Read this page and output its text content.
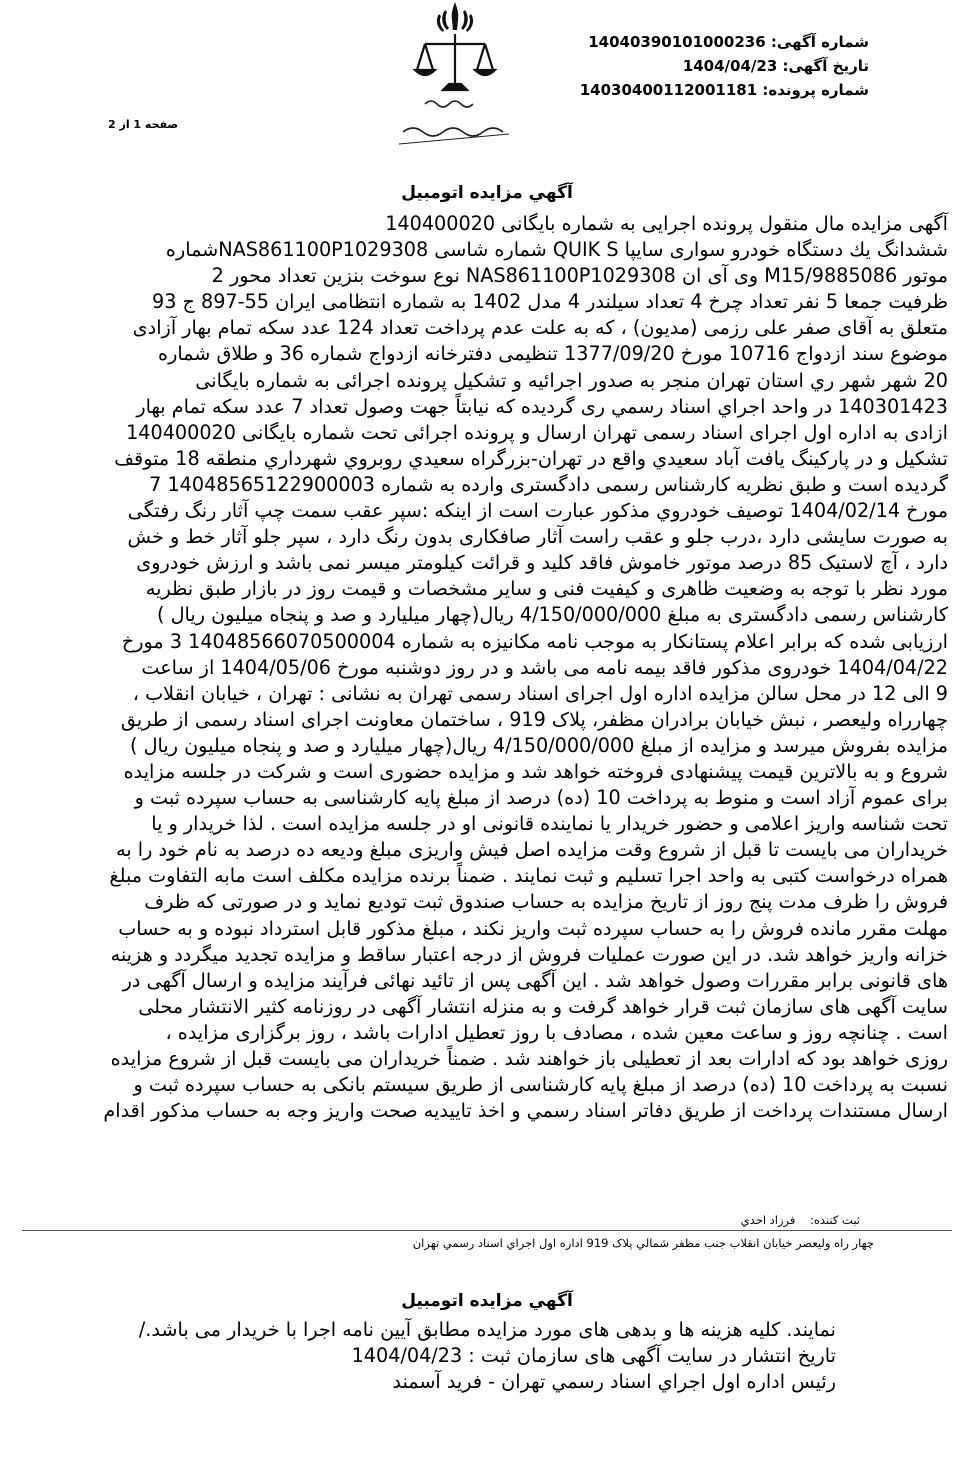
شماره آگهی: 14040390101000236
تاریخ آگهی: 1404/04/23
شماره پرونده: 14030400112001181
صفحه 1 از 2
آگهي مزايده اتومبيل

آگهی مزايده مال منقول پرونده اجرايی به شماره بايگانی 140400020

ششدانگ يك دستگاه خودرو سواری سايپا QUIK S شماره شاسی NAS861100P1029308شماره

موتور M15/9885086 وی آی ان NAS861100P1029308 نوع سوخت بنزين تعداد محور 2

ظرفيت جمعا 5 نفر تعداد چرخ 4 تعداد سيلندر 4 مدل 1402 به شماره انتظامی ايران 55-897 ج 93

متعلق به آقای صفر علی رزمی (مديون) ، كه به علت عدم پرداخت تعداد 124 عدد سكه تمام بهار آزادی

موضوع سند ازدواج 10716 مورخ 1377/09/20 تنظيمی دفترخانه ازدواج شماره 36 و طلاق شماره

20 شهر شهر ري استان تهران منجر به صدور اجرائيه و تشكيل پرونده اجرائی به شماره بايگانی

140301423 در واحد اجراي اسناد رسمي ری گرديده كه نيابتاً جهت وصول تعداد 7 عدد سكه تمام بهار

ازادی به اداره اول اجرای اسناد رسمی تهران ارسال و پرونده اجرائی تحت شماره بايگانی 140400020

تشكيل و در پاركينگ يافت آباد سعيدي واقع در تهران-بزرگراه سعيدي روبروي شهرداري منطقه 18 متوقف

گرديده است و طبق نظريه كارشناس رسمی دادگستری وارده به شماره 14048565122900003 7

مورخ 1404/02/14 توصيف خودروي مذكور عبارت است از اينكه :سپر عقب سمت چپ آثار رنگ رفتگی

به صورت سايشی دارد ،درب جلو و عقب راست آثار صافكاری بدون رنگ دارد ، سپر جلو آثار خط و خش

دارد ، آچ لاستيک 85 درصد موتور خاموش فاقد كليد و قرائت كيلومتر ميسر نمی باشد و ارزش خودروی

مورد نظر با توجه به وضعيت ظاهری و كيفيت فنی و ساير مشخصات و قيمت روز در بازار طبق نظريه

كارشناس رسمی دادگستری به مبلغ 4/150/000/000 ريال(چهار ميليارد و صد و پنجاه ميليون ريال )

ارزيابی شده كه برابر اعلام پستانكار به موجب نامه مكانيزه به شماره 14048566070500004 3 مورخ

1404/04/22 خودروی مذكور فاقد بيمه نامه می باشد و در روز دوشنبه مورخ 1404/05/06 از ساعت

9 الی 12 در محل سالن مزايده اداره اول اجرای اسناد رسمی تهران به نشانی : تهران ، خيابان انقلاب ،

چهارراه وليعصر ، نبش خيابان برادران مظفر، پلاک 919 ، ساختمان معاونت اجرای اسناد رسمی از طريق

مزايده بفروش ميرسد و مزايده از مبلغ 4/150/000/000 ريال(چهار ميليارد و صد و پنجاه ميليون ريال )

شروع و به بالاترين قيمت پيشنهادی فروخته خواهد شد و مزايده حضوری است و شركت در جلسه مزايده

برای عموم آزاد است و منوط به پرداخت 10 (ده) درصد از مبلغ پايه كارشناسی به حساب سپرده ثبت و

تحت شناسه واريز اعلامی و حضور خريدار يا نماينده قانونی او در جلسه مزايده است . لذا خريدار و يا

خريداران می بايست تا قبل از شروع وقت مزايده اصل فيش واريزی مبلغ وديعه ده درصد به نام خود را به

همراه درخواست كتبی به واحد اجرا تسليم و ثبت نمايند . ضمناً برنده مزايده مكلف است مابه التفاوت مبلغ

فروش را ظرف مدت پنج روز از تاريخ مزايده به حساب صندوق ثبت توديع نمايد و در صورتی كه ظرف

مهلت مقرر مانده فروش را به حساب سپرده ثبت واريز نكند ، مبلغ مذكور قابل استرداد نبوده و به حساب

خزانه واريز خواهد شد. در اين صورت عمليات فروش از درجه اعتبار ساقط و مزايده تجديد ميگردد و هزينه

های قانونی برابر مقررات وصول خواهد شد . اين آگهی پس از تائيد نهائی فرآيند مزايده و ارسال آگهی در

سايت آگهی های سازمان ثبت قرار خواهد گرفت و به منزله انتشار آگهی در روزنامه كثير الانتشار محلی

است . چنانچه روز و ساعت معين شده ، مصادف با روز تعطيل ادارات باشد ، روز برگزاری مزايده ،

روزی خواهد بود كه ادارات بعد از تعطيلی باز خواهند شد . ضمناً خريداران می بايست قبل از شروع مزايده

نسبت به پرداخت 10 (ده) درصد از مبلغ پايه كارشناسی از طريق سيستم بانكی به حساب سپرده ثبت و

ارسال مستندات پرداخت از طريق دفاتر اسناد رسمي و اخذ تاييديه صحت واريز وجه به حساب مذكور اقدام

ثبت كننده:    فرزاد احدي
چهار راه وليعصر خيابان انقلاب جنب مظفر شمالي پلاک 919 اداره اول اجراي اسناد رسمي تهران
آگهي مزايده اتومبيل

نمايند. كليه هزينه ها و بدهی های مورد مزايده مطابق آيين نامه اجرا با خريدار می باشد./

تاريخ انتشار در سايت آگهی های سازمان ثبت : 1404/04/23

رئيس اداره اول اجراي اسناد رسمي تهران - فريد آسمند
